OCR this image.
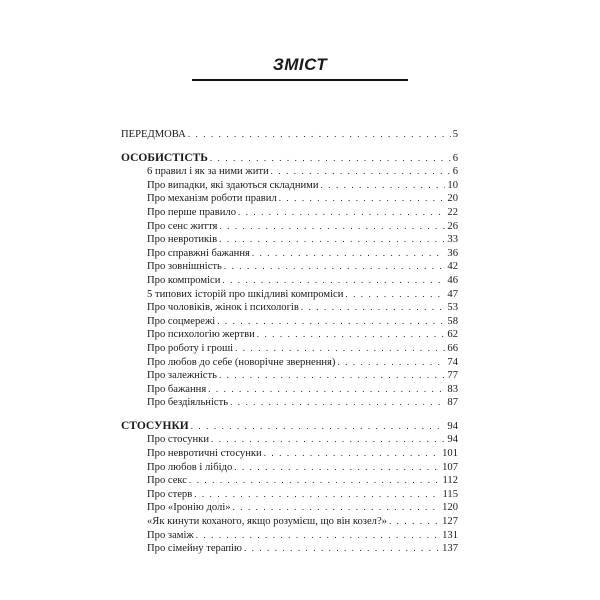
ЗМІСТ
ПЕРЕДМОВА . . .	5
ОСОБИСТІСТЬ . . .	6
6 правил і як за ними жити . . .	6
Про випадки, які здаються складними . . .	10
Про механізм роботи правил . . .	20
Про перше правило . . .	22
Про сенс життя . . .	26
Про невротиків . . .	33
Про справжні бажання . . .	36
Про зовнішність . . .	42
Про компроміси . . .	46
5 типових історій про шкідливі компроміси . . .	47
Про чоловіків, жінок і психологів . . .	53
Про соцмережі . . .	58
Про психологію жертви . . .	62
Про роботу і гроші . . .	66
Про любов до себе (новорічне звернення) . . .	74
Про залежність . . .	77
Про бажання . . .	83
Про бездіяльність . . .	87
СТОСУНКИ . . .	94
Про стосунки . . .	94
Про невротичні стосунки . . .	101
Про любов і лібідо . . .	107
Про секс . . .	112
Про стерв . . .	115
Про «Іронію долі» . . .	120
«Як кинути коханого, якщо розумієш, що він козел?» . . .	127
Про заміж . . .	131
Про сімейну терапію . . .	137
